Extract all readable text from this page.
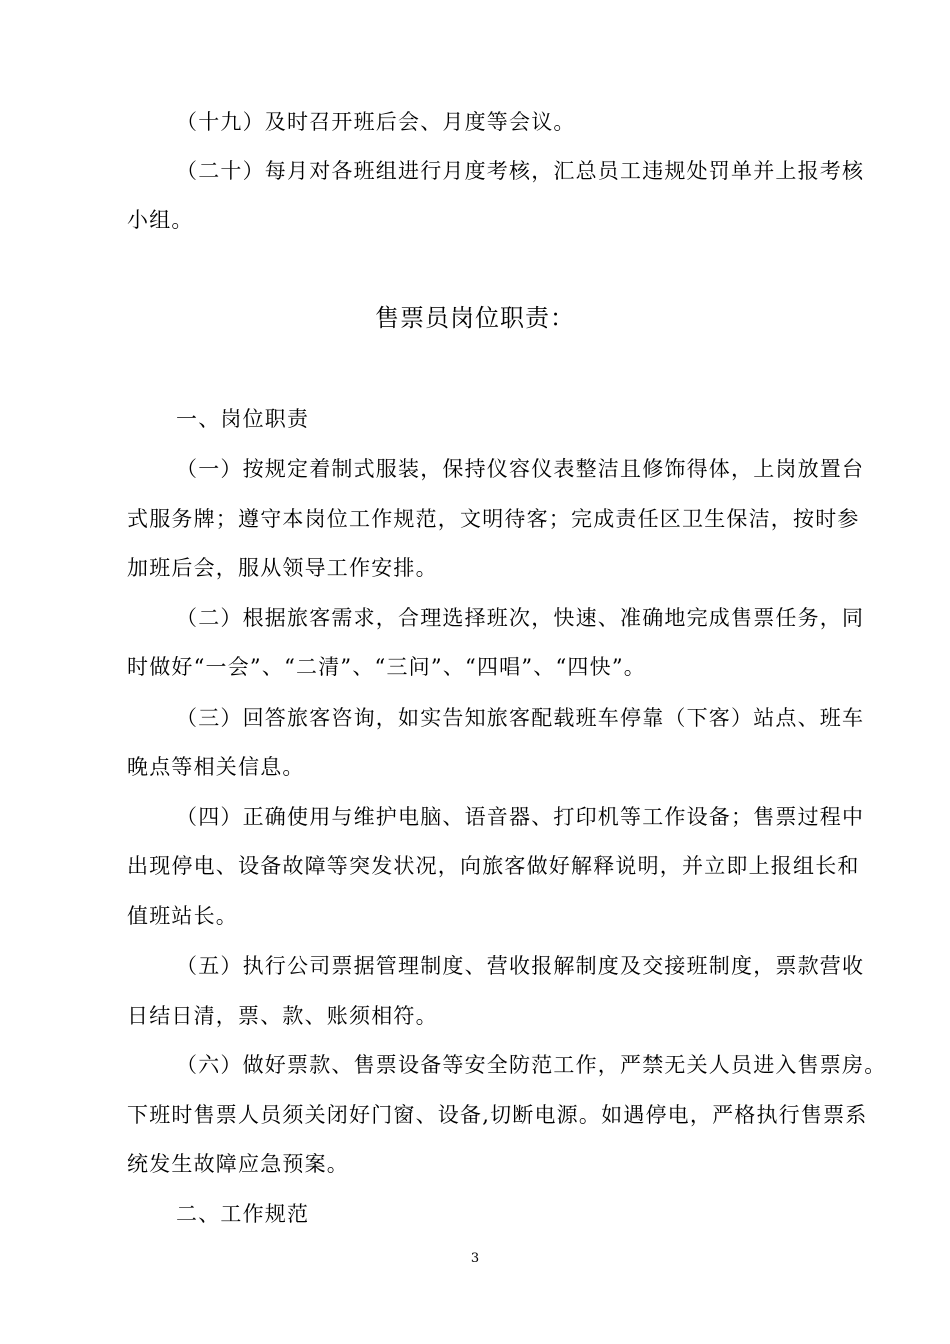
（十九）及时召开班后会、月度等会议。
（二十）每月对各班组进行月度考核，汇总员工违规处罚单并上报考核
小组。
售票员岗位职责：
一、岗位职责
（一）按规定着制式服装，保持仪容仪表整洁且修饰得体，上岗放置台
式服务牌；遵守本岗位工作规范，文明待客；完成责任区卫生保洁，按时参
加班后会，服从领导工作安排。
（二）根据旅客需求，合理选择班次，快速、准确地完成售票任务，同
时做好“一会”、“二清”、“三问”、“四唱”、“四快”。
（三）回答旅客咨询，如实告知旅客配载班车停靠（下客）站点、班车
晚点等相关信息。
（四）正确使用与维护电脑、语音器、打印机等工作设备；售票过程中
出现停电、设备故障等突发状况，向旅客做好解释说明，并立即上报组长和
值班站长。
（五）执行公司票据管理制度、营收报解制度及交接班制度，票款营收
日结日清，票、款、账须相符。
（六）做好票款、售票设备等安全防范工作，严禁无关人员进入售票房。
下班时售票人员须关闭好门窗、设备,切断电源。如遇停电，严格执行售票系
统发生故障应急预案。
二、工作规范
3
